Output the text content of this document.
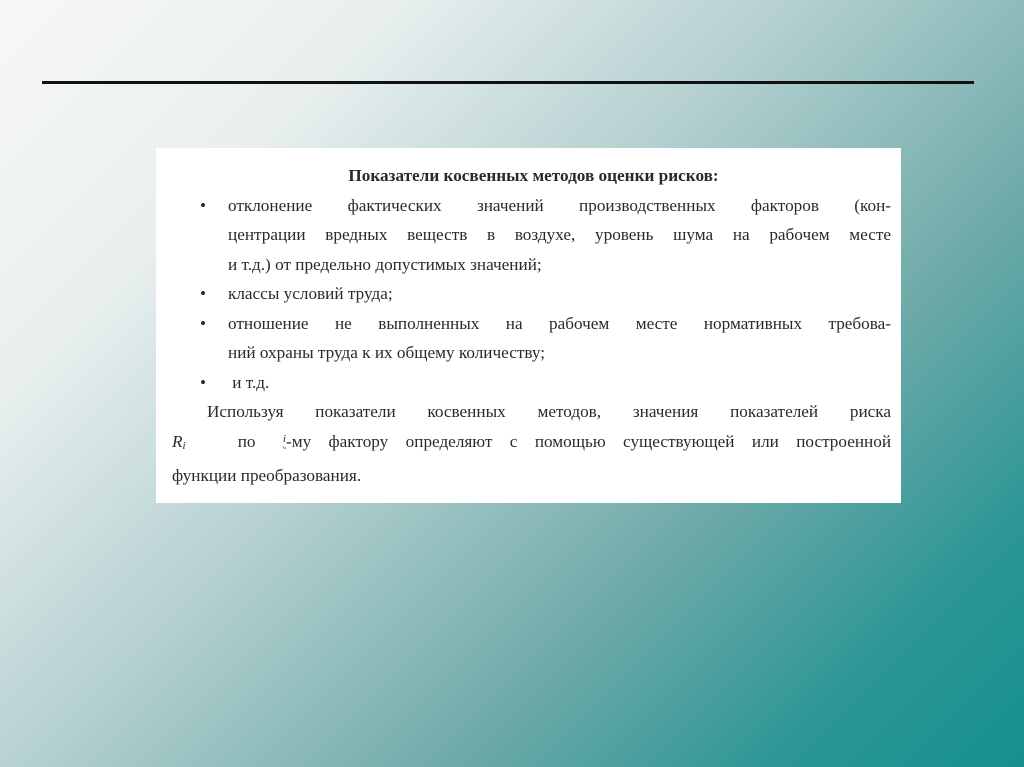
Показатели косвенных методов оценки рисков:

• отклонение фактических значений производственных факторов (кон-
центрации вредных веществ в воздухе, уровень шума на рабочем месте
и т.д.) от предельно допустимых значений;
• классы условий труда;
• отношение не выполненных на рабочем месте нормативных требова-
ний охраны труда к их общему количеству;
• и т.д.
Используя показатели косвенных методов, значения показателей риска
$R_i$	по $^i$-му фактору определяют с помощью существующей или построенной
функции преобразования.
